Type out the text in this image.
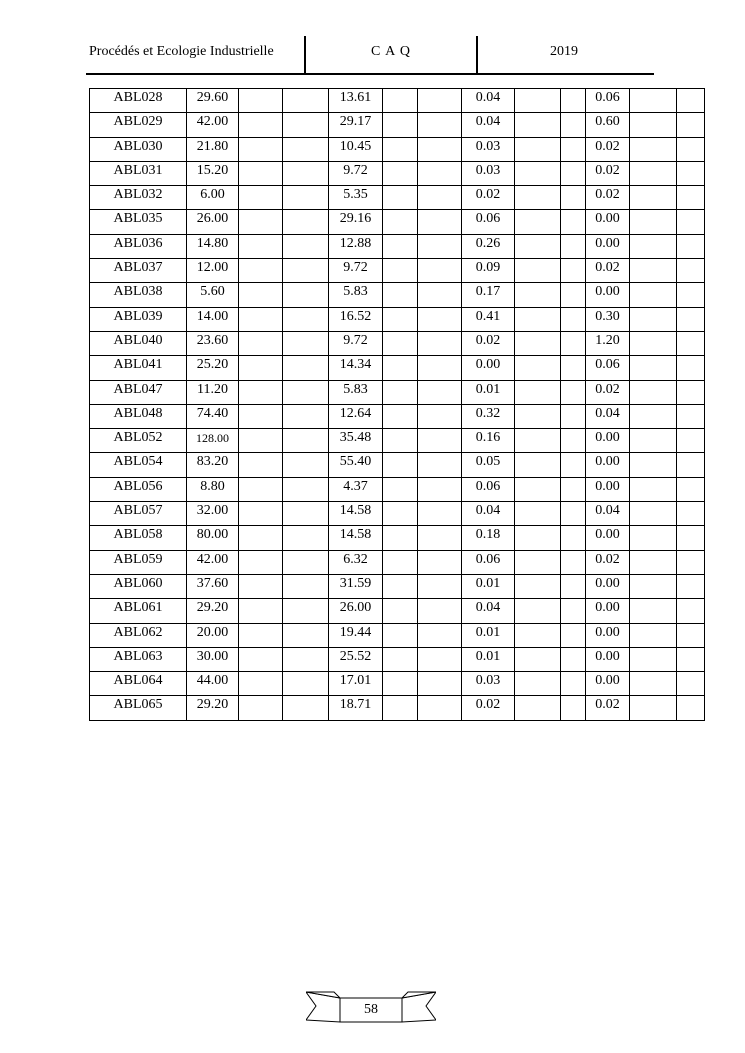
Procédés et Ecologie Industrielle	C A Q	2019
ABL028	29.60			13.61			0.04			0.06		
ABL029	42.00			29.17			0.04			0.60		
ABL030	21.80			10.45			0.03			0.02		
ABL031	15.20			9.72			0.03			0.02		
ABL032	6.00			5.35			0.02			0.02		
ABL035	26.00			29.16			0.06			0.00		
ABL036	14.80			12.88			0.26			0.00		
ABL037	12.00			9.72			0.09			0.02		
ABL038	5.60			5.83			0.17			0.00		
ABL039	14.00			16.52			0.41			0.30		
ABL040	23.60			9.72			0.02			1.20		
ABL041	25.20			14.34			0.00			0.06		
ABL047	11.20			5.83			0.01			0.02		
ABL048	74.40			12.64			0.32			0.04		
ABL052	128.00			35.48			0.16			0.00		
ABL054	83.20			55.40			0.05			0.00		
ABL056	8.80			4.37			0.06			0.00		
ABL057	32.00			14.58			0.04			0.04		
ABL058	80.00			14.58			0.18			0.00		
ABL059	42.00			6.32			0.06			0.02		
ABL060	37.60			31.59			0.01			0.00		
ABL061	29.20			26.00			0.04			0.00		
ABL062	20.00			19.44			0.01			0.00		
ABL063	30.00			25.52			0.01			0.00		
ABL064	44.00			17.01			0.03			0.00		
ABL065	29.20			18.71			0.02			0.02		
58
